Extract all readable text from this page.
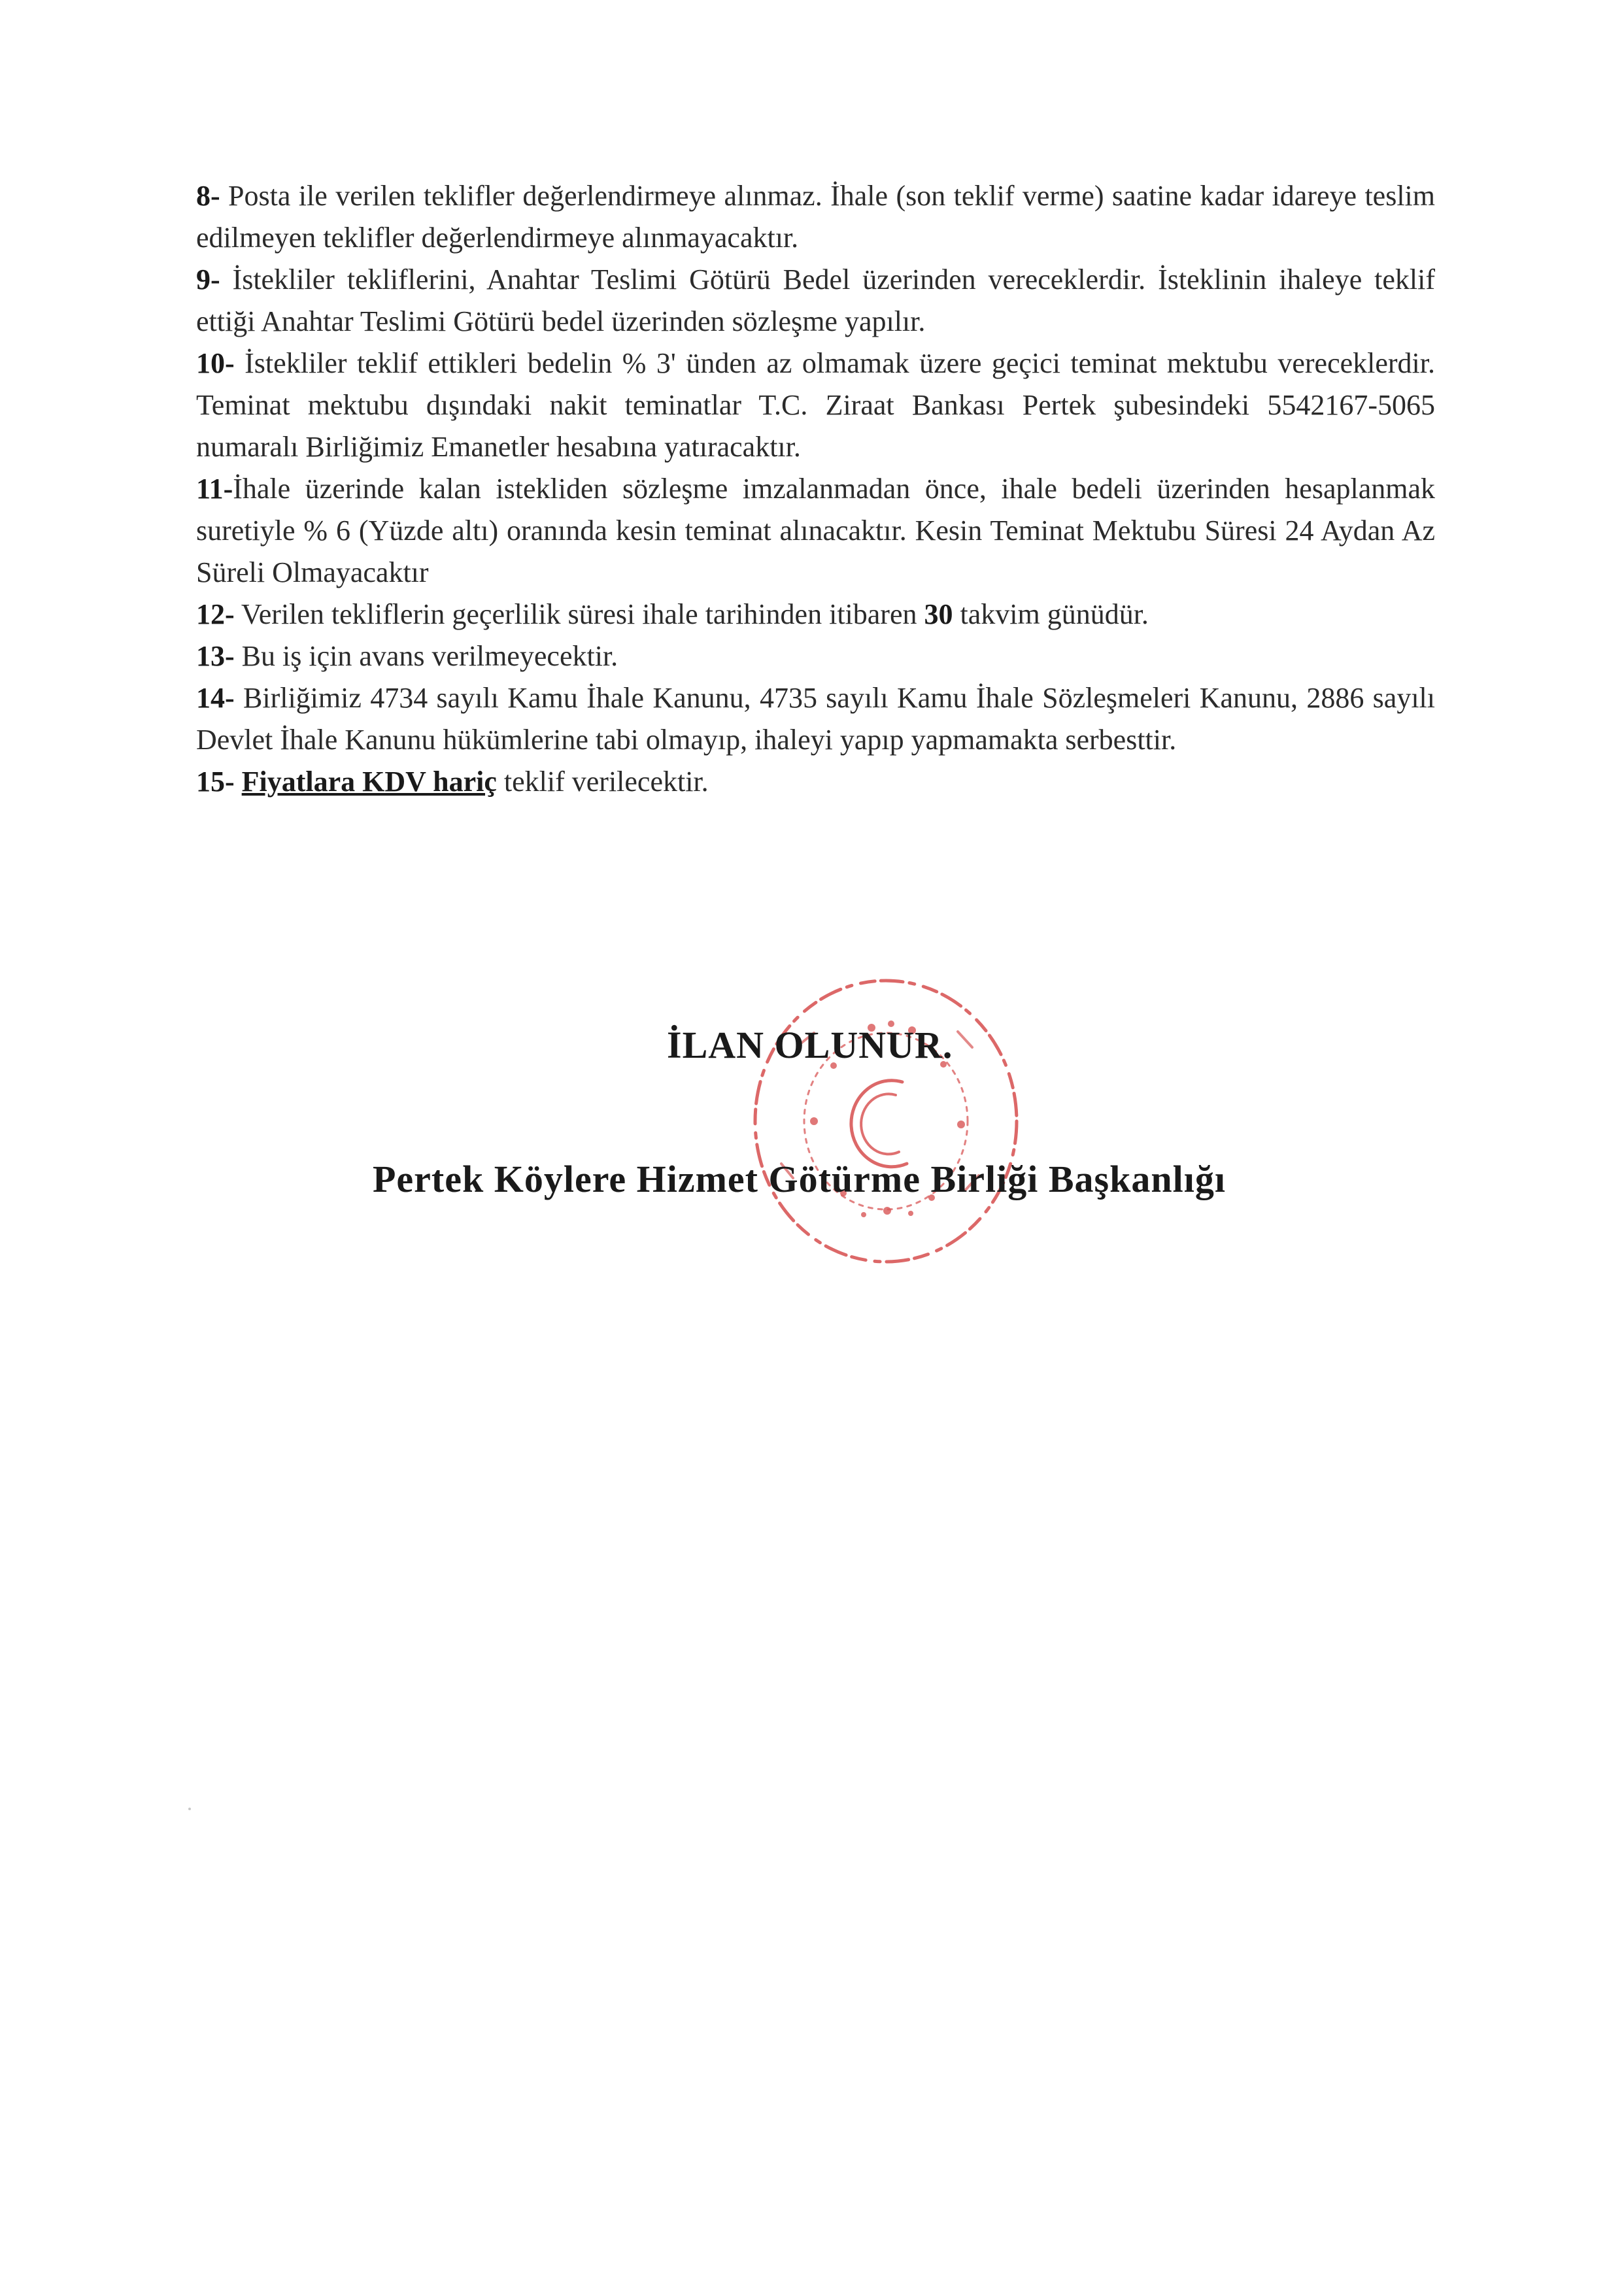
8- Posta ile verilen teklifler değerlendirmeye alınmaz. İhale (son teklif verme) saatine kadar idareye teslim edilmeyen teklifler değerlendirmeye alınmayacaktır.

9- İstekliler tekliflerini, Anahtar Teslimi Götürü Bedel üzerinden vereceklerdir. İsteklinin ihaleye teklif ettiği Anahtar Teslimi Götürü bedel üzerinden sözleşme yapılır.

10- İstekliler teklif ettikleri bedelin % 3' ünden az olmamak üzere geçici teminat mektubu vereceklerdir. Teminat mektubu dışındaki nakit teminatlar T.C. Ziraat Bankası Pertek şubesindeki 5542167-5065 numaralı Birliğimiz Emanetler hesabına yatıracaktır.

11-İhale üzerinde kalan istekliden sözleşme imzalanmadan önce, ihale bedeli üzerinden hesaplanmak suretiyle % 6 (Yüzde altı) oranında kesin teminat alınacaktır. Kesin Teminat Mektubu Süresi 24 Aydan Az Süreli Olmayacaktır

12- Verilen tekliflerin geçerlilik süresi ihale tarihinden itibaren 30 takvim günüdür.

13- Bu iş için avans verilmeyecektir.

14- Birliğimiz 4734 sayılı Kamu İhale Kanunu, 4735 sayılı Kamu İhale Sözleşmeleri Kanunu, 2886 sayılı Devlet İhale Kanunu hükümlerine tabi olmayıp, ihaleyi yapıp yapmamakta serbesttir.

15- Fiyatlara KDV hariç teklif verilecektir.

İLAN OLUNUR.
Pertek Köylere Hizmet Götürme Birliği Başkanlığı
